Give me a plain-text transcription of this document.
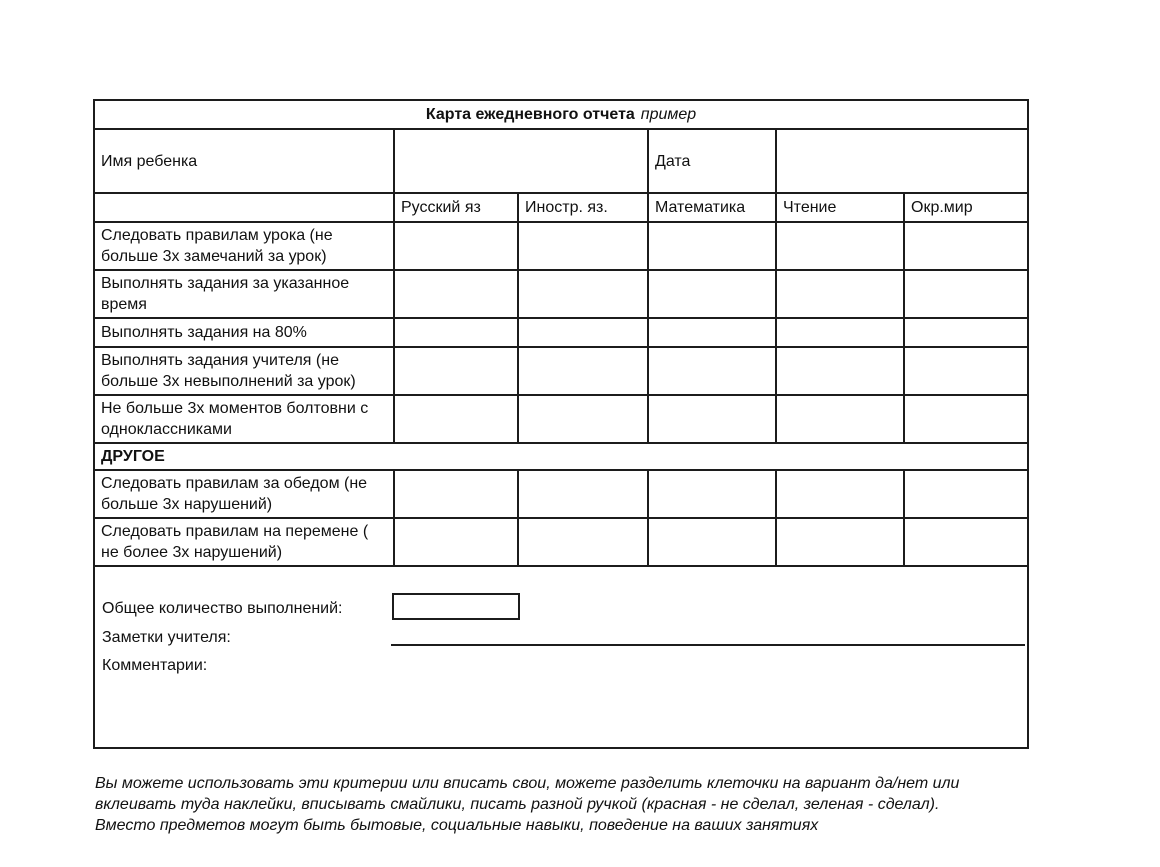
Карта ежедневного отчета пример					
Имя ребенка			Дата		
	Русский яз	Иностр. яз.	Математика	Чтение	Окр.мир
Следовать правилам урока (не больше 3х замечаний за урок)					
Выполнять задания за указанное время					
Выполнять задания на 80%					
Выполнять задания учителя (не больше 3х невыполнений за урок)					
Не больше 3х моментов болтовни с одноклассниками					
ДРУГОЕ					
Следовать правилам за обедом (не больше 3х нарушений)					
Следовать правилам на перемене ( не более 3х нарушений)					

Общее количество выполнений:
Заметки учителя:
Комментарии:					
Вы можете использовать эти критерии или вписать свои, можете разделить клеточки на вариант да/нет или
вклеивать туда наклейки, вписывать смайлики, писать разной ручкой (красная - не сделал, зеленая - сделал).
Вместо предметов могут быть бытовые, социальные навыки, поведение на ваших занятиях
